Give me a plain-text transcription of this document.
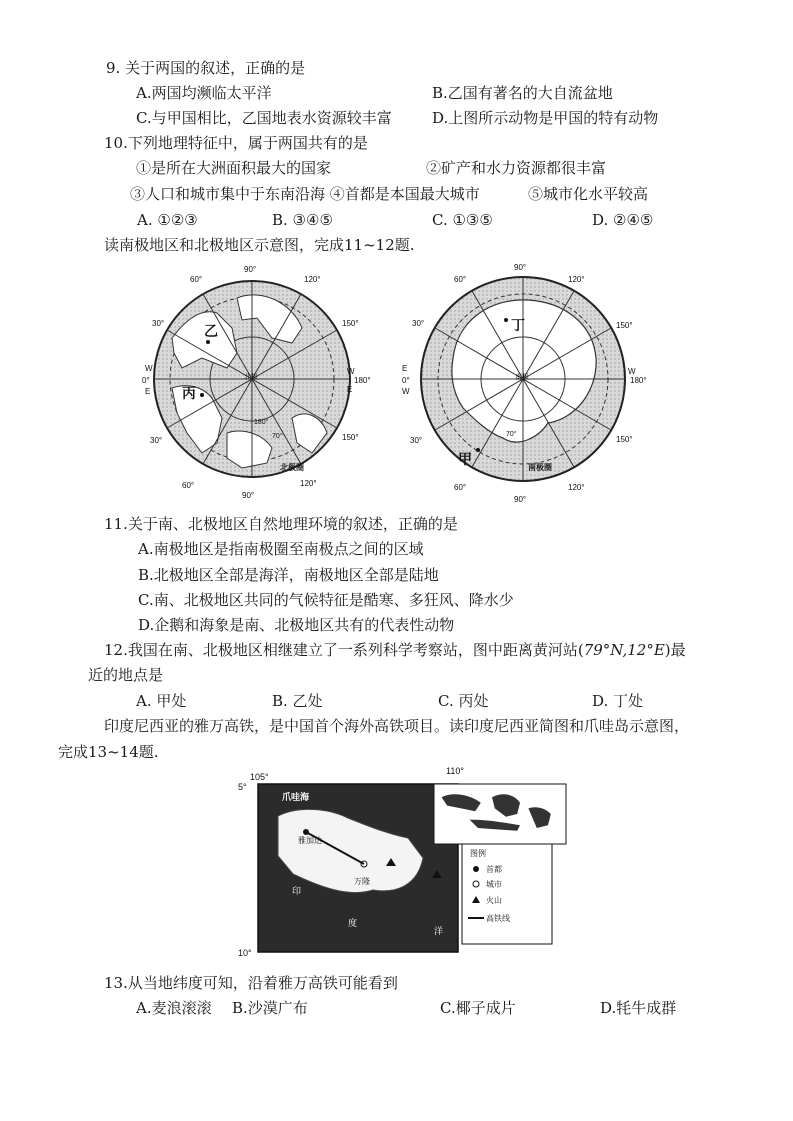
9. 关于两国的叙述，正确的是
A.两国均濒临太平洋	B.乙国有著名的大自流盆地
C.与甲国相比，乙国地表水资源较丰富	D.上图所示动物是甲国的特有动物
10.下列地理特征中，属于两国共有的是
①是所在大洲面积最大的国家	②矿产和水力资源都很丰富
③人口和城市集中于东南沿海 ④首都是本国最大城市	⑤城市化水平较高
A. ①②③	B. ③④⑤	C. ①③⑤	D. ②④⑤
读南极地区和北极地区示意图，完成11~12题.
90°
120°
150°
180°
W
E
150°
120°
90°
60°
30°
0°
W
E
30°
60°
北极
70°
180°
北极圈
乙
丙
90°
120°
150°
180°
W
150°
120°
90°
60°
30°
0°
E
W
30°
60°
南极
70°
南极圈
丁
甲
11.关于南、北极地区自然地理环境的叙述，正确的是
A.南极地区是指南极圈至南极点之间的区域
B.北极地区全部是海洋，南极地区全部是陆地
C.南、北极地区共同的气候特征是酷寒、多狂风、降水少
D.企鹅和海象是南、北极地区共有的代表性动物
12.我国在南、北极地区相继建立了一系列科学考察站，图中距离黄河站(79°N,12°E)最
近的地点是
A. 甲处	B. 乙处	C. 丙处	D. 丁处
印度尼西亚的雅万高铁，是中国首个海外高铁项目。读印度尼西亚简图和爪哇岛示意图，
完成13~14题.
图例
首都
城市
火山
高铁线
105°
110°
5°
10°
爪哇海
雅加达
万隆
印
度
洋
13.从当地纬度可知，沿着雅万高铁可能看到
A.麦浪滚滚 B.沙漠广布	C.椰子成片	D.牦牛成群
